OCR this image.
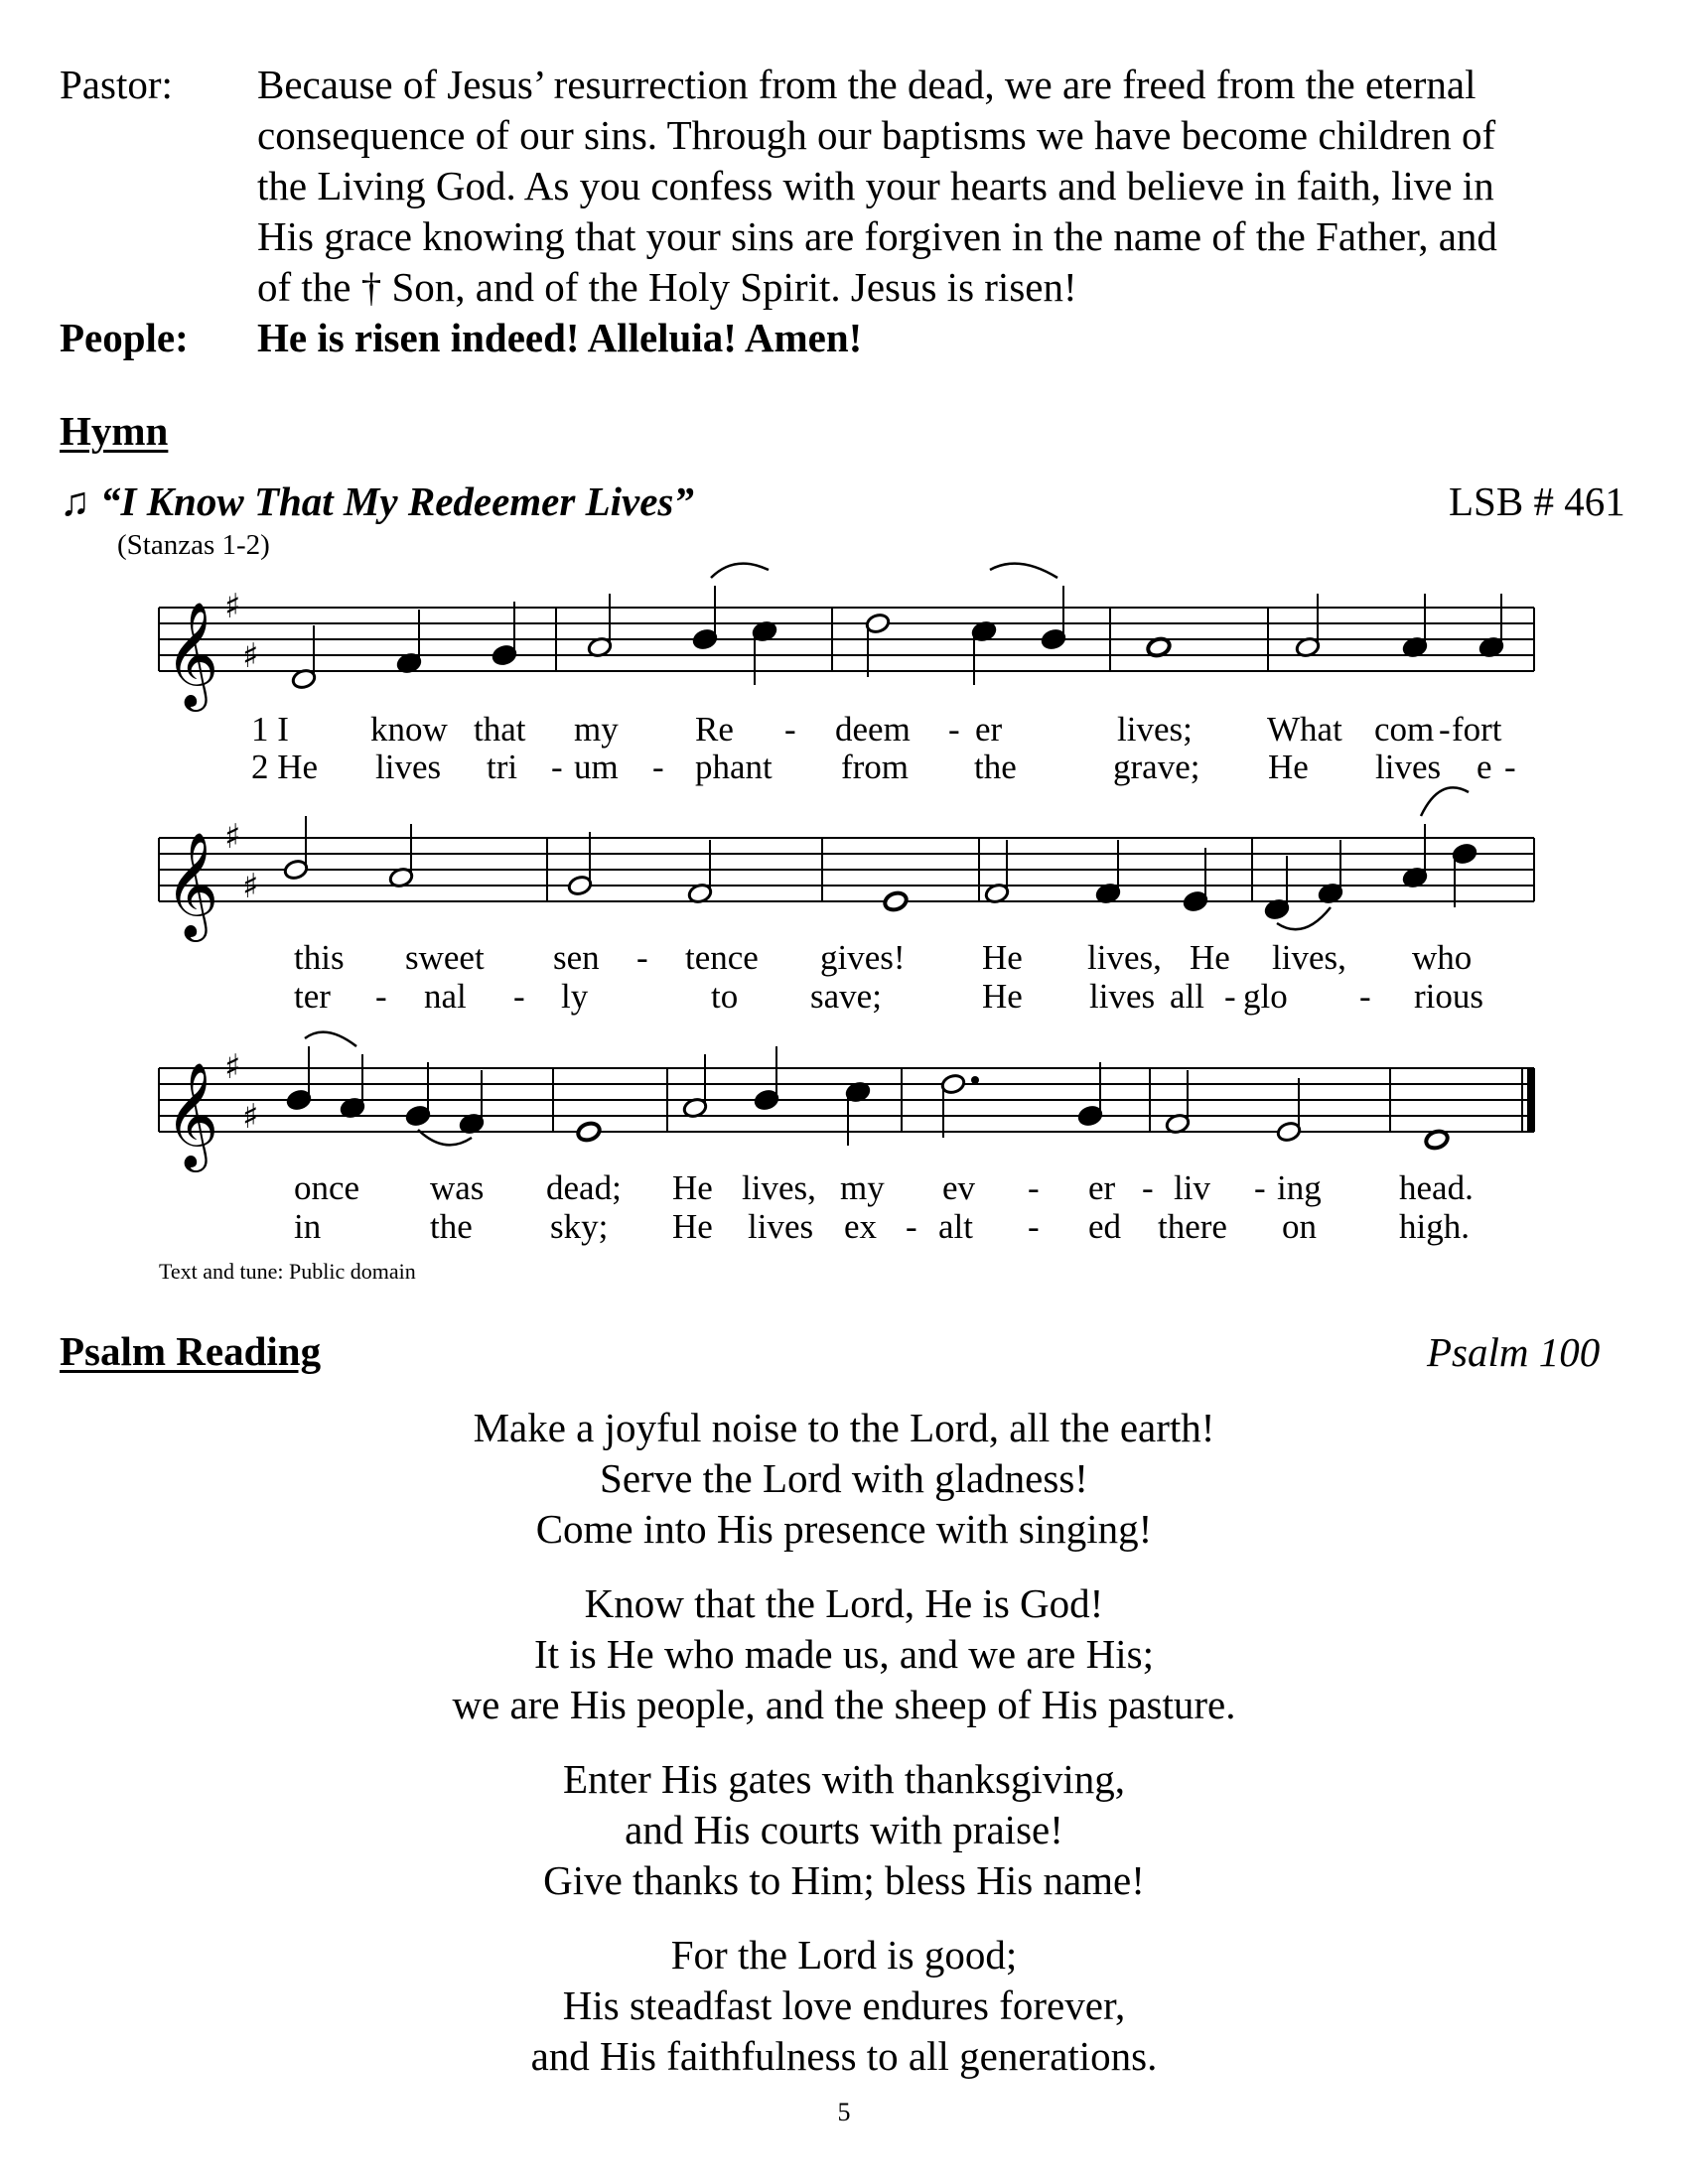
Pastor: Because of Jesus’ resurrection from the dead, we are freed from the eternal
consequence of our sins. Through our baptisms we have become children of
the Living God. As you confess with your hearts and believe in faith, live in
His grace knowing that your sins are forgiven in the name of the Father, and
of the † Son, and of the Holy Spirit. Jesus is risen!
People: He is risen indeed! Alleluia! Amen!
Hymn
♫ “I Know That My Redeemer Lives”	LSB # 461
(Stanzas 1-2)
𝄞 ♯
♯
𝄞 ♯
♯
𝄞 ♯
♯
1 I know that my Re - deem - er	lives; What com - fort
2 He lives tri - um - phant from the	grave; He lives e -
this sweet sen - tence gives! He lives, He lives, who
ter - nal - ly	to save;	He lives all - glo - rious
once was dead; He lives, my ev - er - liv - ing head.
in	the sky; He lives ex - alt - ed there on high.
Text and tune: Public domain
Psalm Reading	Psalm 100
Make a joyful noise to the Lord, all the earth!
Serve the Lord with gladness!
Come into His presence with singing!
Know that the Lord, He is God!
It is He who made us, and we are His;
we are His people, and the sheep of His pasture.
Enter His gates with thanksgiving,
and His courts with praise!
Give thanks to Him; bless His name!
For the Lord is good;
His steadfast love endures forever,
and His faithfulness to all generations.
5
